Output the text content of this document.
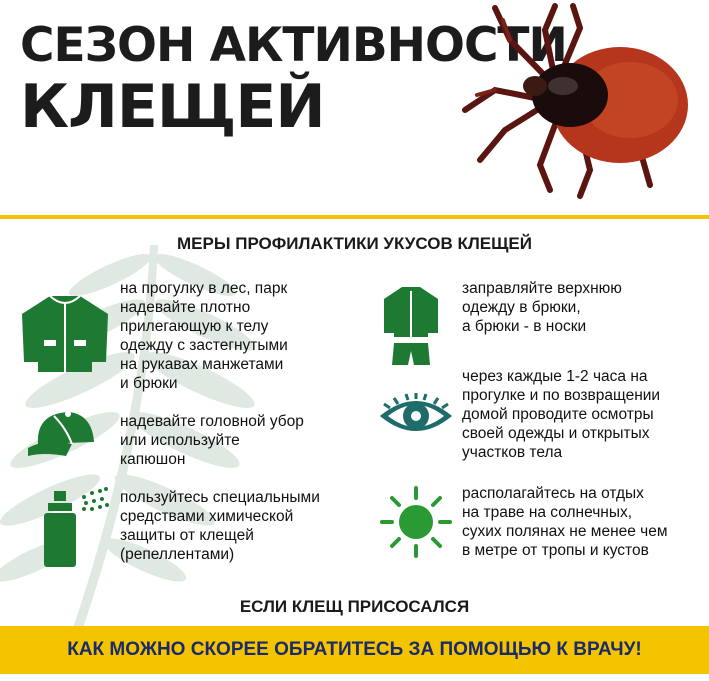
СЕЗОН АКТИВНОСТИ
КЛЕЩЕЙ
МЕРЫ ПРОФИЛАКТИКИ УКУСОВ КЛЕЩЕЙ
на прогулку в лес, парк
надевайте плотно
прилегающую к телу
одежду с застегнутыми
на рукавах манжетами
и брюки
надевайте головной убор
или используйте
капюшон
пользуйтесь специальными
средствами химической
защиты от клещей
(репеллентами)
заправляйте верхнюю
одежду в брюки,
а брюки - в носки
через каждые 1-2 часа на
прогулке и по возвращении
домой проводите осмотры
своей одежды и открытых
участков тела
располагайтесь на отдых
на траве на солнечных,
сухих полянах не менее чем
в метре от тропы и кустов
ЕСЛИ КЛЕЩ ПРИСОСАЛСЯ
КАК МОЖНО СКОРЕЕ ОБРАТИТЕСЬ ЗА ПОМОЩЬЮ К ВРАЧУ!
